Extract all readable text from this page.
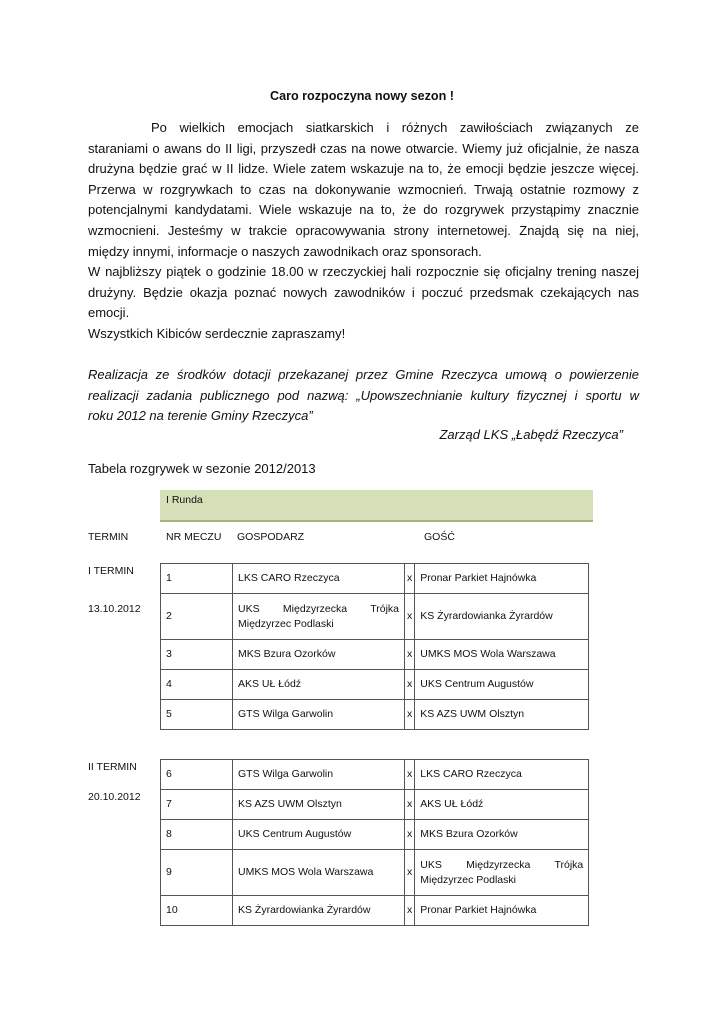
Caro rozpoczyna nowy sezon !
Po wielkich emocjach siatkarskich i różnych zawiłościach związanych ze
staraniami o awans do II ligi, przyszedł czas na nowe otwarcie. Wiemy już oficjalnie, że nasza
drużyna będzie grać w II lidze. Wiele zatem wskazuje na to, że emocji będzie jeszcze więcej.
Przerwa w rozgrywkach to czas na dokonywanie wzmocnień. Trwają ostatnie rozmowy z
potencjalnymi kandydatami. Wiele wskazuje na to, że do rozgrywek przystąpimy znacznie
wzmocnieni. Jesteśmy w trakcie opracowywania strony internetowej. Znajdą się na niej,
między innymi, informacje o naszych zawodnikach oraz sponsorach.
W najbliższy piątek o godzinie 18.00 w rzeczyckiej hali rozpocznie się oficjalny trening naszej
drużyny. Będzie okazja poznać nowych zawodników i poczuć przedsmak czekających nas
emocji.
Wszystkich Kibiców serdecznie zapraszamy!
Realizacja ze środków dotacji przekazanej przez Gmine Rzeczyca umową o powierzenie
realizacji zadania publicznego pod nazwą: „Upowszechnianie kultury fizycznej i sportu w
roku 2012 na terenie Gminy Rzeczyca”
Zarząd LKS „Łabędź Rzeczyca”
Tabela rozgrywek w sezonie 2012/2013
I Runda
TERMIN	NR MECZU GOSPODARZ	GOŚĆ
I TERMIN
13.10.2012
1	LKS CARO Rzeczyca	x	Pronar Parkiet Hajnówka
2	UKS Międzyrzecka Trójka
Międzyrzec Podlaski	x	KS Żyrardowianka Żyrardów
3	MKS Bzura Ozorków	x	UMKS MOS Wola Warszawa
4	AKS UŁ Łódź	x	UKS Centrum Augustów
5	GTS Wilga Garwolin	x	KS AZS UWM Olsztyn
II TERMIN
20.10.2012
6	GTS Wilga Garwolin	x	LKS CARO Rzeczyca
7	KS AZS UWM Olsztyn	x	AKS UŁ Łódź
8	UKS Centrum Augustów	x	MKS Bzura Ozorków
9	UMKS MOS Wola Warszawa	x	UKS Międzyrzecka Trójka
Międzyrzec Podlaski

10	KS Żyrardowianka Żyrardów	x	Pronar Parkiet Hajnówka
